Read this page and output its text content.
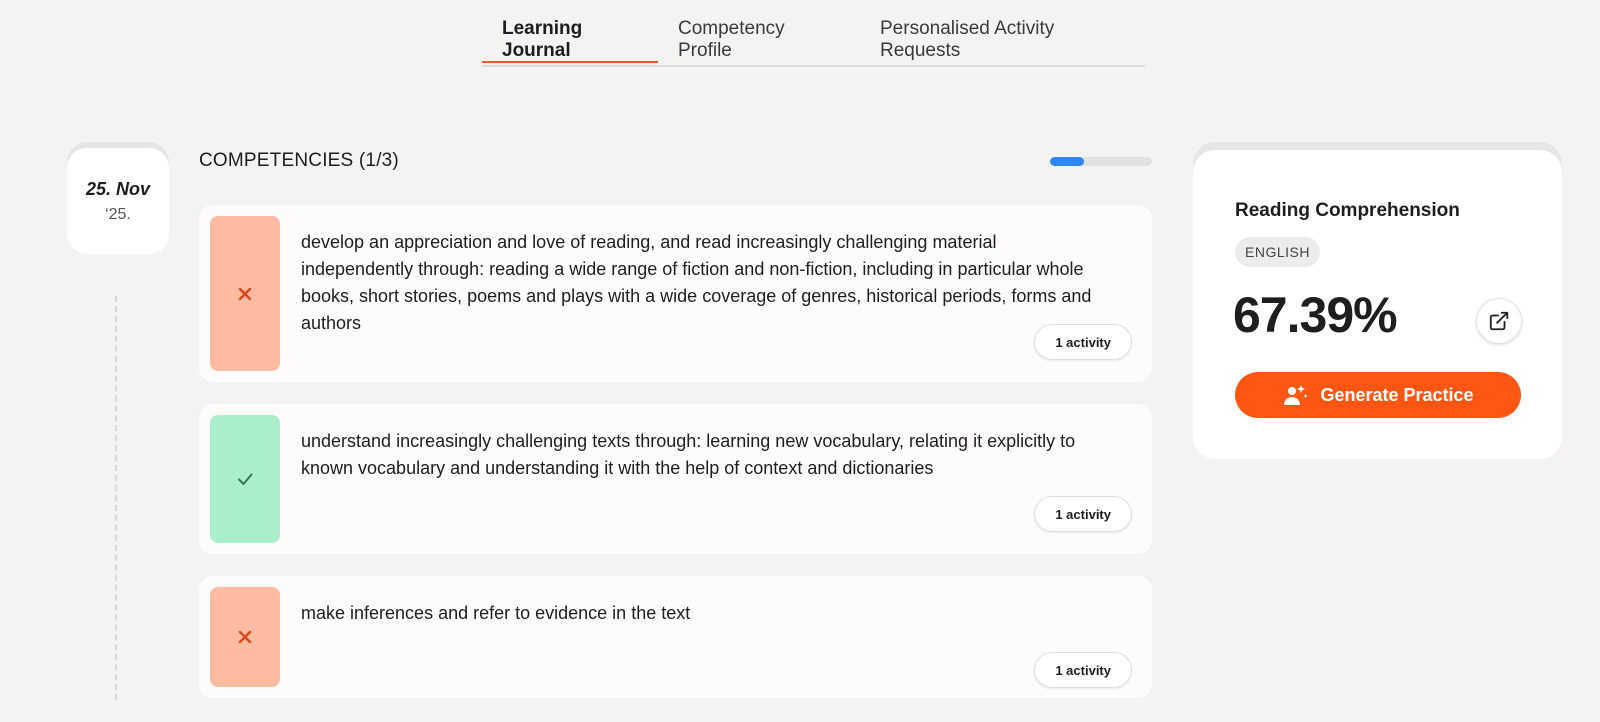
Learning Journal
Competency Profile
Personalised Activity Requests
25. Nov
‘25.
COMPETENCIES (1/3)
develop an appreciation and love of reading, and read increasingly challenging material independently through: reading a wide range of fiction and non-fiction, including in particular whole books, short stories, poems and plays with a wide coverage of genres, historical periods, forms and authors
1 activity
understand increasingly challenging texts through: learning new vocabulary, relating it explicitly to known vocabulary and understanding it with the help of context and dictionaries
1 activity
make inferences and refer to evidence in the text
1 activity
Reading Comprehension
ENGLISH
67.39%
Generate Practice
